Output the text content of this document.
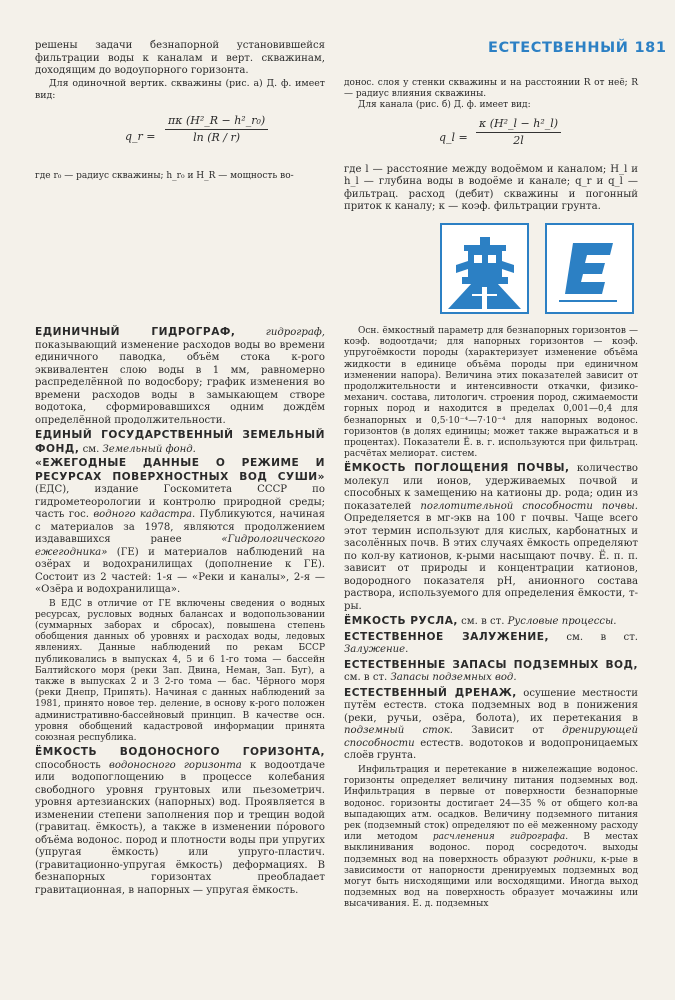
ЕСТЕСТВЕННЫЙ 181

решены задачи безнапорной установившейся фильтрации воды к каналам и верт. скважинам, доходящим до водоупорного горизонта.

Для одиночной вертик. скважины (рис. а) Д. ф. имеет вид:

q_r = $\frac{\text{πκ (H²\_R − h²\_r₀)}}{\ln (R / r)}$

где r₀ — радиус скважины; h_r₀ и H_R — мощность во-

донос. слоя у стенки скважины и на расстоянии R от неё; R — радиус влияния скважины.

Для канала (рис. б) Д. ф. имеет вид:

q_l = $\frac{\text{κ (H²\_l − h²\_l)}}{2l}$

где l — расстояние между водоёмом и каналом; H_l и h_l — глубина воды в водоёме и канале; q_r и q_l — фильтрац. расход (дебит) скважины и погонный приток к каналу; κ — коэф. фильтрации грунта.

ЕДИНИЧНЫЙ ГИДРОГРАФ,	гидрограф, показывающий изменение расходов воды во времени единичного паводка, объём стока к-рого эквивалентен слою воды в 1 мм, равномерно распределённой по водосбору; график изменения во времени расходов воды в замыкающем створе водотока, сформировавшихся одним дождём определённой продолжительности.

ЕДИНЫЙ ГОСУДАРСТВЕННЫЙ ЗЕМЕЛЬНЫЙ ФОНД, см. Земельный фонд.

«ЕЖЕГОДНЫЕ ДАННЫЕ О РЕЖИМЕ И РЕСУРСАХ ПОВЕРХНОСТНЫХ ВОД СУШИ» (ЕДС), издание Госкомитета СССР по гидрометеорологии и контролю природной среды; часть гос. водного кадастра. Публикуются, начиная с материалов за 1978, являются продолжением издававшихся ранее	«Гидрологического ежегодника» (ГЕ) и материалов наблюдений на озёрах и водохранилищах (дополнение к ГЕ). Состоит из 2 частей: 1-я — «Реки и каналы», 2-я — «Озёра и водохранилища».

В ЕДС в отличие от ГЕ включены сведения о водных ресурсах, русловых водных балансах и водопользовании (суммарных заборах и сбросах), повышена степень обобщения данных об уровнях и расходах воды, ледовых явлениях. Данные наблюдений по рекам БССР публиковались в выпусках 4, 5 и 6 1-го тома — бассейн Балтийского моря (реки Зап. Двина, Неман, Зап. Буг), а также в выпусках 2 и 3 2-го тома — бас. Чёрного моря (реки Днепр, Припять). Начиная с данных наблюдений за 1981, принято новое тер. деление, в основу к-рого положен административно-бассейновый принцип. В качестве осн. уровня обобщений кадастровой информации принята союзная республика.

ЁМКОСТЬ ВОДОНОСНОГО ГОРИЗОНТА, способность водоносного горизонта к водоотдаче или водопоглощению в процессе колебания свободного уровня грунтовых или пьезометрич. уровня артезианских (напорных) вод. Проявляется в изменении степени заполнения пор и трещин водой (гравитац. ёмкость), а также в изменении пóрового объёма водонос. пород и плотности воды при упругих (упругая ёмкость) или упруго-пластич. (гравитационно-упругая ёмкость) деформациях. В безнапорных горизонтах преобладает гравитационная, в напорных — упругая ёмкость.

Осн. ёмкостный параметр для безнапорных горизонтов — коэф. водоотдачи; для напорных горизонтов — коэф. упругоёмкости породы (характеризует изменение объёма жидкости в единице объёма породы при единичном изменении напора). Величина этих показателей зависит от продолжительности и интенсивности откачки, физико-механич. состава, литологич. строения пород, сжимаемости горных пород и находится в пределах 0,001—0,4 для безнапорных и 0,5·10⁻⁴—7·10⁻⁴ для напорных водонос. горизонтов (в долях единицы; может также выражаться и в процентах). Показатели Ё. в. г. используются при фильтрац. расчётах мелиорат. систем.

ЁМКОСТЬ ПОГЛОЩЕНИЯ ПОЧВЫ, количество молекул или ионов, удерживаемых почвой и способных к замещению на катионы др. рода; один из показателей поглотительной способности почвы. Определяется в мг-экв на 100 г почвы. Чаще всего этот термин используют для кислых, карбонатных и засолённых почв. В этих случаях ёмкость определяют по кол-ву катионов, к-рыми насыщают почву. Ё. п. п. зависит от природы и концентрации катионов, водородного показателя рН, анионного состава раствора, используемого для определения ёмкости, т-ры.

ЁМКОСТЬ РУСЛА, см. в ст. Русловые процессы.

ЕСТЕСТВЕННОЕ ЗАЛУЖЕНИЕ, см. в ст. Залужение.

ЕСТЕСТВЕННЫЕ ЗАПАСЫ ПОДЗЕМНЫХ ВОД, см. в ст. Запасы подземных вод.

ЕСТЕСТВЕННЫЙ ДРЕНАЖ, осушение местности путём естеств. стока подземных вод в понижения (реки, ручьи, озёра, болота), их перетекания в подземный сток. Зависит от дренирующей способности естеств. водотоков и водопроницаемых слоёв грунта.

Инфильтрация и перетекание в нижележащие водонос. горизонты определяет величину питания подземных вод. Инфильтрация в первые от поверхности безнапорные водонос. горизонты достигает 24—35 % от общего кол-ва выпадающих атм. осадков. Величину подземного питания рек (подземный сток) определяют по её меженному расходу или методом расчленения гидрографа. В местах выклинивания водонос. пород сосредоточ. выходы подземных вод на поверхность образуют родники, к-рые в зависимости от напорности дренируемых подземных вод могут быть нисходящими или восходящими. Иногда выход подземных вод на поверхность образует мочажины или высачивания. Е. д. подземных
